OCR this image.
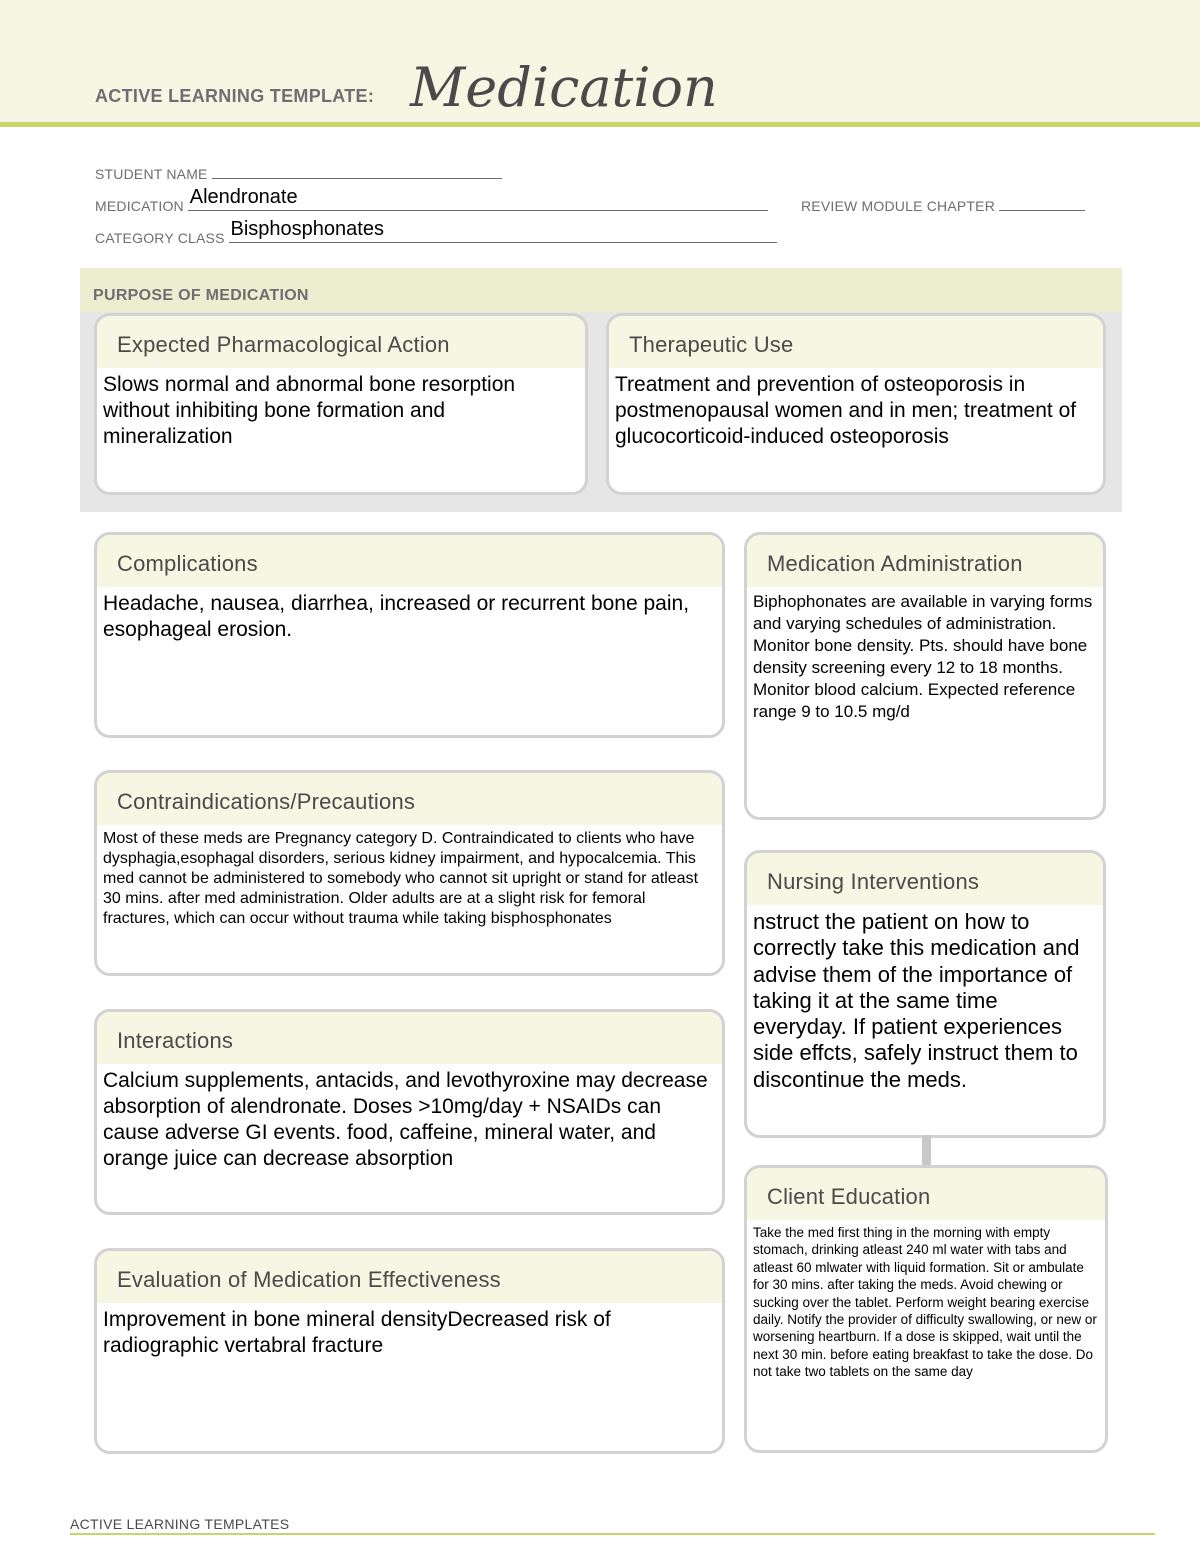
ACTIVE LEARNING TEMPLATE: Medication
STUDENT NAME
MEDICATION Alendronate	REVIEW MODULE CHAPTER
CATEGORY CLASS Bisphosphonates
PURPOSE OF MEDICATION
Expected Pharmacological Action
Slows normal and abnormal bone resorption without inhibiting bone formation and mineralization
Therapeutic Use
Treatment and prevention of osteoporosis in postmenopausal women and in men; treatment of glucocorticoid-induced osteoporosis
Complications
Headache, nausea, diarrhea, increased or recurrent bone pain, esophageal erosion.
Medication Administration
Biphophonates are available in varying forms and varying schedules of administration. Monitor bone density. Pts. should have bone density screening every 12 to 18 months. Monitor blood calcium. Expected reference range 9 to 10.5 mg/d
Contraindications/Precautions
Most of these meds are Pregnancy category D. Contraindicated to clients who have dysphagia,esophagal disorders, serious kidney impairment, and hypocalcemia. This med cannot be administered to somebody who cannot sit upright or stand for atleast 30 mins. after med administration. Older adults are at a slight risk for femoral fractures, which can occur without trauma while taking bisphosphonates
Nursing Interventions
nstruct the patient on how to correctly take this medication and advise them of the importance of taking it at the same time everyday. If patient experiences side effcts, safely instruct them to discontinue the meds.
Interactions
Calcium supplements, antacids, and levothyroxine may decrease absorption of alendronate. Doses >10mg/day + NSAIDs can cause adverse GI events. food, caffeine, mineral water, and orange juice can decrease absorption
Client Education
Take the med first thing in the morning with empty stomach, drinking atleast 240 ml water with tabs and atleast 60 mlwater with liquid formation. Sit or ambulate for 30 mins. after taking the meds. Avoid chewing or sucking over the tablet. Perform weight bearing exercise daily. Notify the provider of difficulty swallowing, or new or worsening heartburn. If a dose is skipped, wait until the next 30 min. before eating breakfast to take the dose. Do not take two tablets on the same day
Evaluation of Medication Effectiveness
Improvement in bone mineral densityDecreased risk of radiographic vertabral fracture
ACTIVE LEARNING TEMPLATES
